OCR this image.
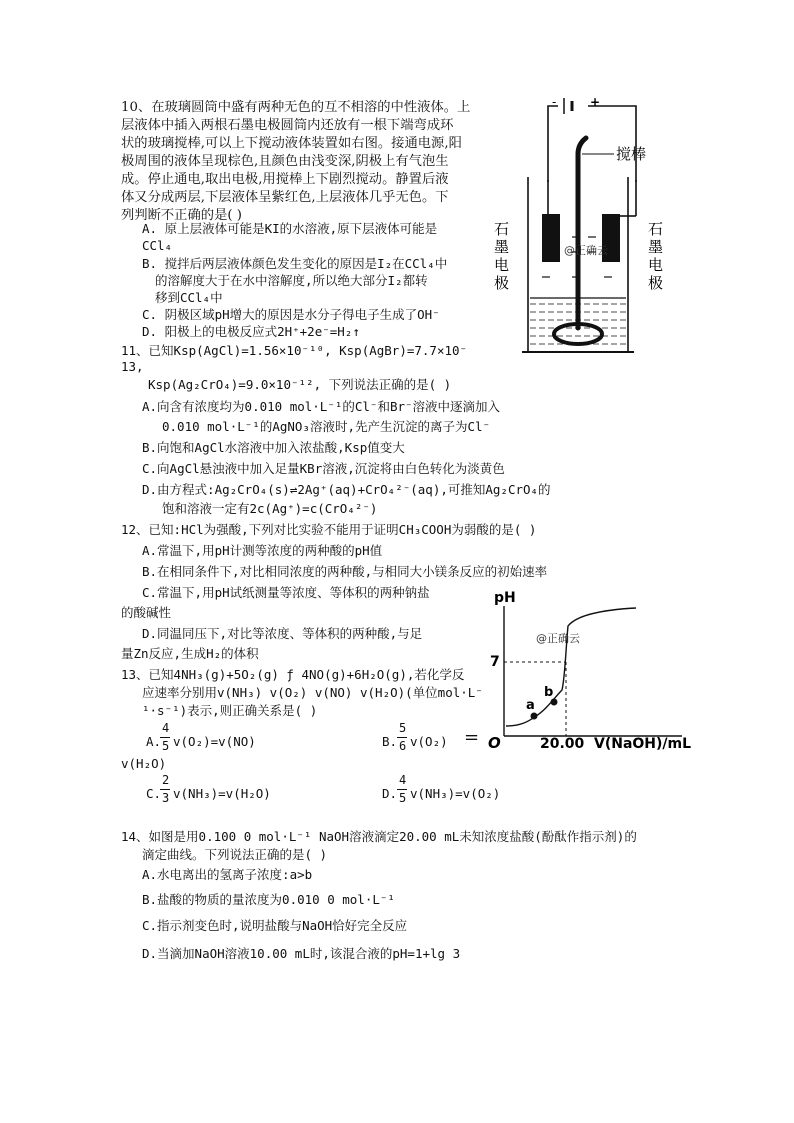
10、在玻璃圆筒中盛有两种无色的互不相溶的中性液体。上
层液体中插入两根石墨电极圆筒内还放有一根下端弯成环
状的玻璃搅棒,可以上下搅动液体装置如右图。接通电源,阳
极周围的液体呈现棕色,且颜色由浅变深,阴极上有气泡生
成。停止通电,取出电极,用搅棒上下剧烈搅动。静置后液
体又分成两层,下层液体呈紫红色,上层液体几乎无色。下
列判断不正确的是( )
A. 原上层液体可能是KI的水溶液,原下层液体可能是
CCl₄
B. 搅拌后两层液体颜色发生变化的原因是I₂在CCl₄中
的溶解度大于在水中溶解度,所以绝大部分I₂都转
移到CCl₄中
C. 阴极区域pH增大的原因是水分子得电子生成了OH⁻
D. 阳极上的电极反应式2H⁺+2e⁻=H₂↑
-	+
搅棒
石
墨
电
极
石
墨
电
极
@正确云
11、已知Ksp(AgCl)=1.56×10⁻¹⁰, Ksp(AgBr)=7.7×10⁻
13,
Ksp(Ag₂CrO₄)=9.0×10⁻¹², 下列说法正确的是( )
A.向含有浓度均为0.010 mol·L⁻¹的Cl⁻和Br⁻溶液中逐滴加入
0.010 mol·L⁻¹的AgNO₃溶液时,先产生沉淀的离子为Cl⁻
B.向饱和AgCl水溶液中加入浓盐酸,Ksp值变大
C.向AgCl悬浊液中加入足量KBr溶液,沉淀将由白色转化为淡黄色
D.由方程式:Ag₂CrO₄(s)⇌2Ag⁺(aq)+CrO₄²⁻(aq),可推知Ag₂CrO₄的
饱和溶液一定有2c(Ag⁺)=c(CrO₄²⁻)
12、已知:HCl为强酸,下列对比实验不能用于证明CH₃COOH为弱酸的是( )
A.常温下,用pH计测等浓度的两种酸的pH值
B.在相同条件下,对比相同浓度的两种酸,与相同大小镁条反应的初始速率
C.常温下,用pH试纸测量等浓度、等体积的两种钠盐
的酸碱性
D.同温同压下,对比等浓度、等体积的两种酸,与足
量Zn反应,生成H₂的体积
pH
7
a
b
O	20.00 V(NaOH)/mL
@正确云
13、已知4NH₃(g)+5O₂(g) ƒ 4NO(g)+6H₂O(g),若化学反
应速率分别用v(NH₃) v(O₂) v(NO) v(H₂O)(单位mol·L⁻
¹·s⁻¹)表示,则正确关系是( )
A.
4
5 v(O₂)=v(NO)	B.
5
6 v(O₂) =
v(H₂O)
C.
2
3 v(NH₃)=v(H₂O)	D.
4
5 v(NH₃)=v(O₂)
14、如图是用0.100 0 mol·L⁻¹ NaOH溶液滴定20.00 mL未知浓度盐酸(酚酞作指示剂)的
滴定曲线。下列说法正确的是( )
A.水电离出的氢离子浓度:a>b
B.盐酸的物质的量浓度为0.010 0 mol·L⁻¹
C.指示剂变色时,说明盐酸与NaOH恰好完全反应
D.当滴加NaOH溶液10.00 mL时,该混合液的pH=1+lg 3
